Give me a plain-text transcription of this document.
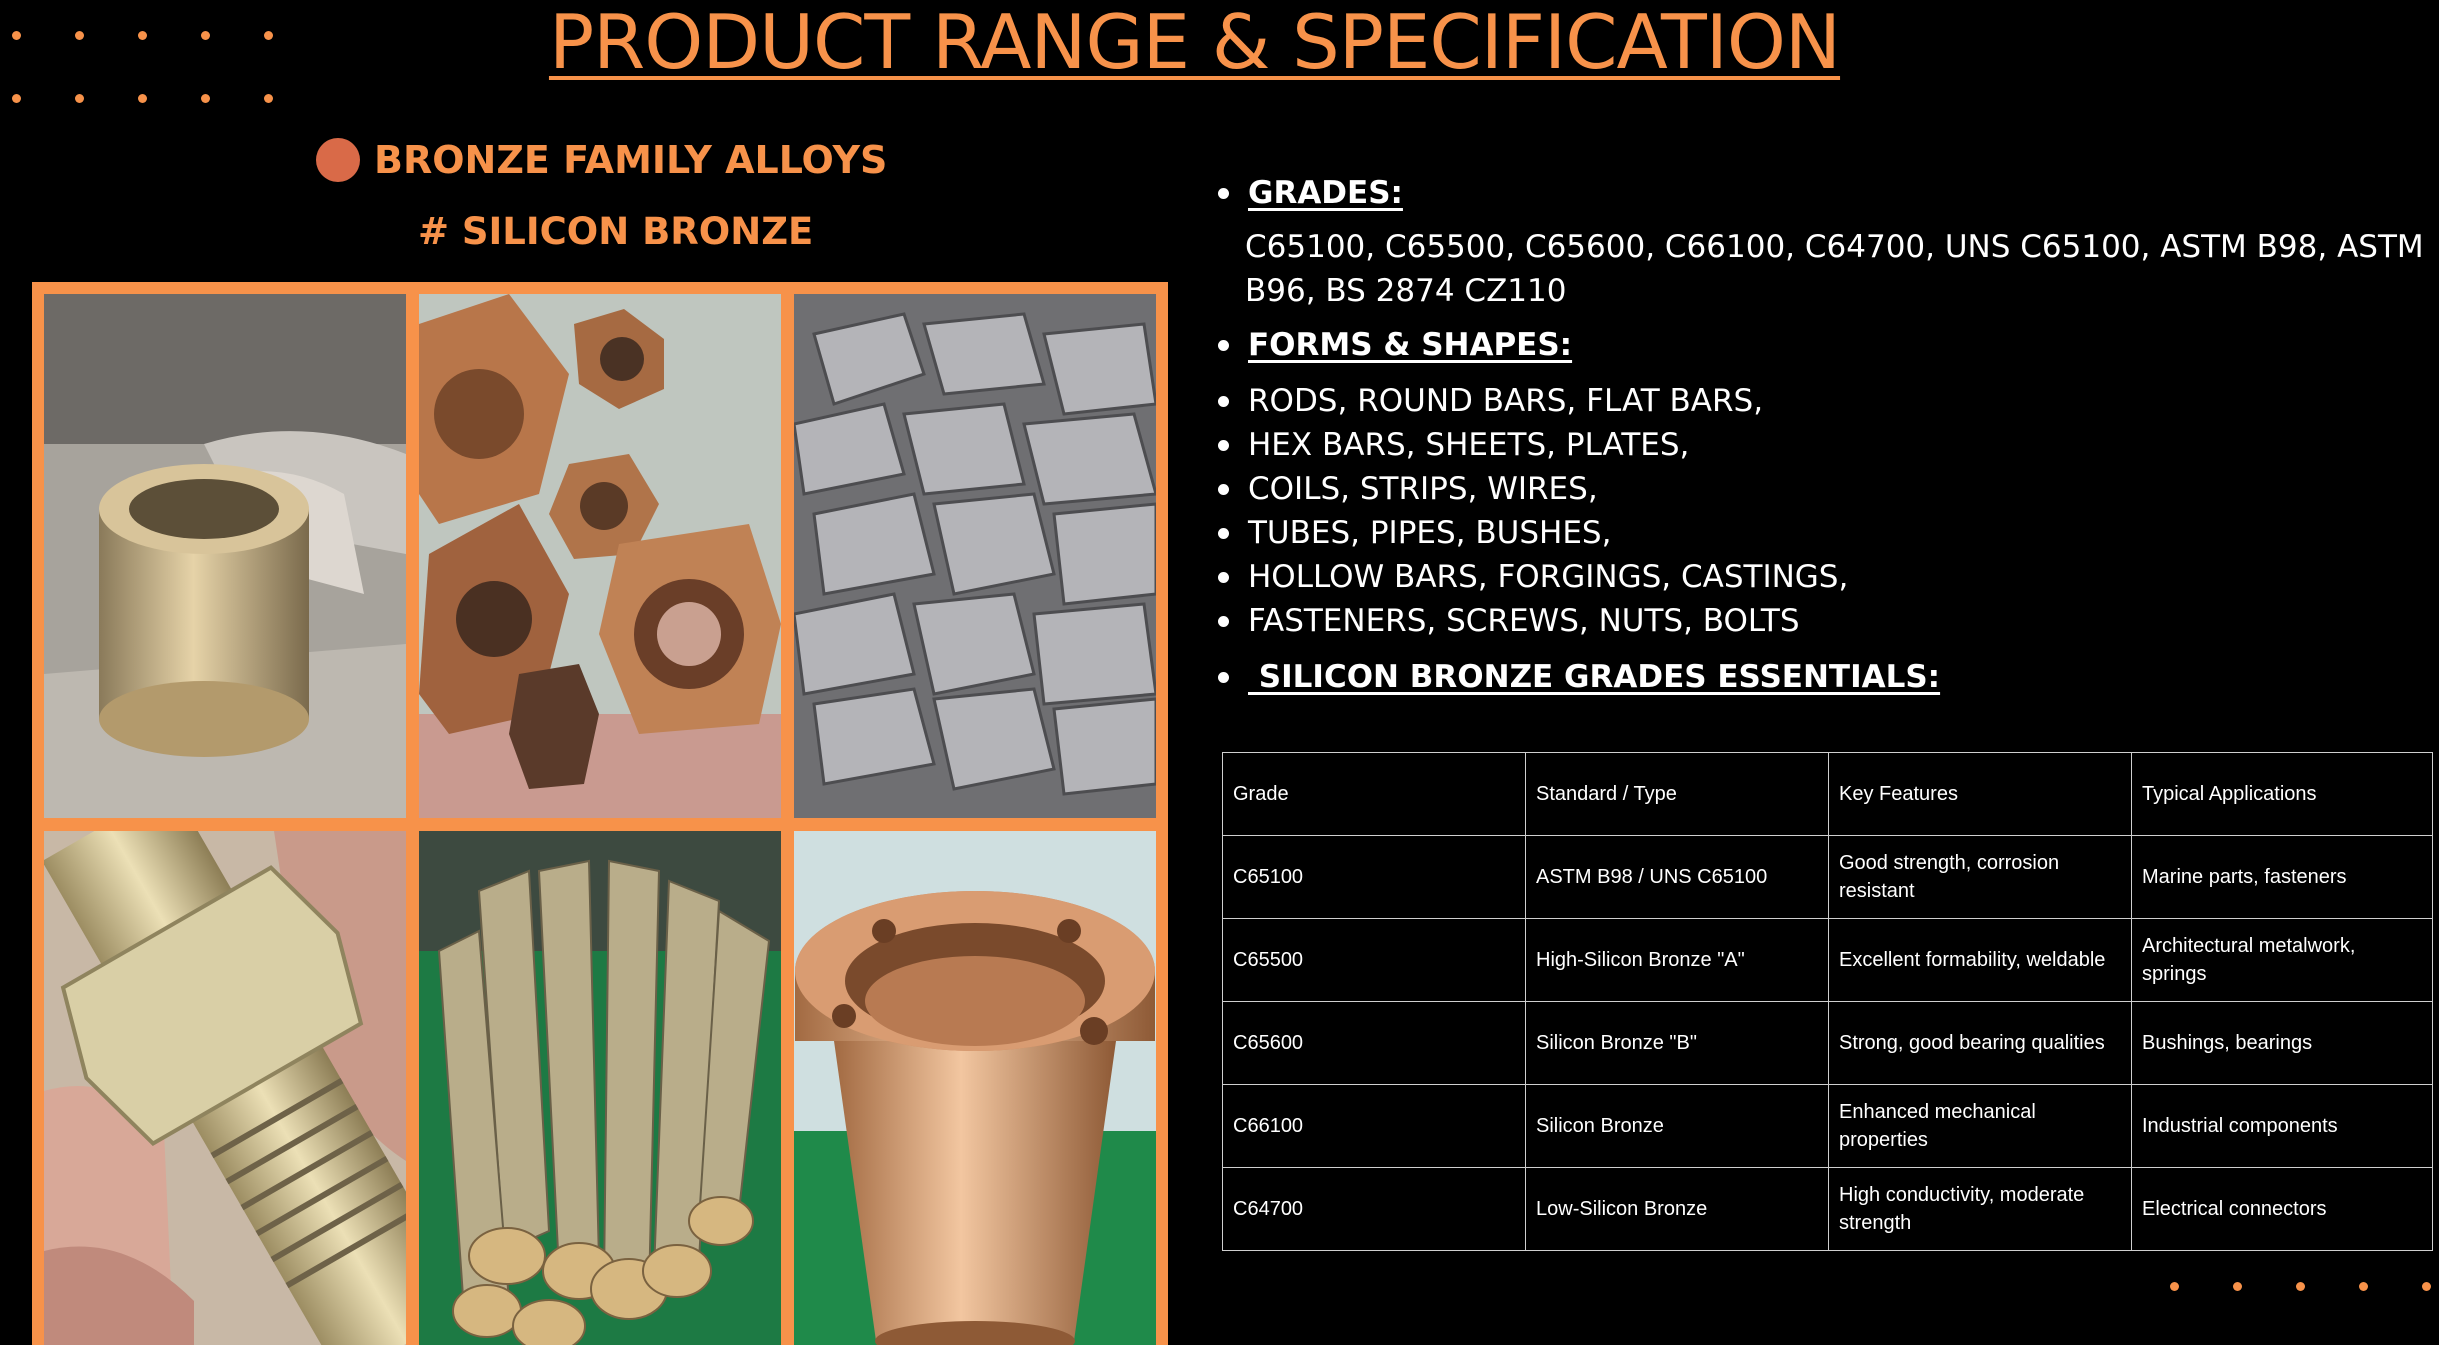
PRODUCT RANGE & SPECIFICATION
BRONZE FAMILY ALLOYS
# SILICON BRONZE
GRADES:
C65100, C65500, C65600, C66100, C64700, UNS C65100, ASTM B98, ASTM B96, BS 2874 CZ110
FORMS & SHAPES:
RODS, ROUND BARS, FLAT BARS,
HEX BARS, SHEETS, PLATES,
COILS, STRIPS, WIRES,
TUBES, PIPES, BUSHES,
HOLLOW BARS, FORGINGS, CASTINGS,
FASTENERS, SCREWS, NUTS, BOLTS
SILICON BRONZE GRADES ESSENTIALS:
Grade	Standard / Type	Key Features	Typical Applications
C65100	ASTM B98 / UNS C65100	Good strength, corrosion resistant	Marine parts, fasteners
C65500	High-Silicon Bronze "A"	Excellent formability, weldable	Architectural metalwork, springs
C65600	Silicon Bronze "B"	Strong, good bearing qualities	Bushings, bearings
C66100	Silicon Bronze	Enhanced mechanical properties	Industrial components
C64700	Low-Silicon Bronze	High conductivity, moderate strength	Electrical connectors
